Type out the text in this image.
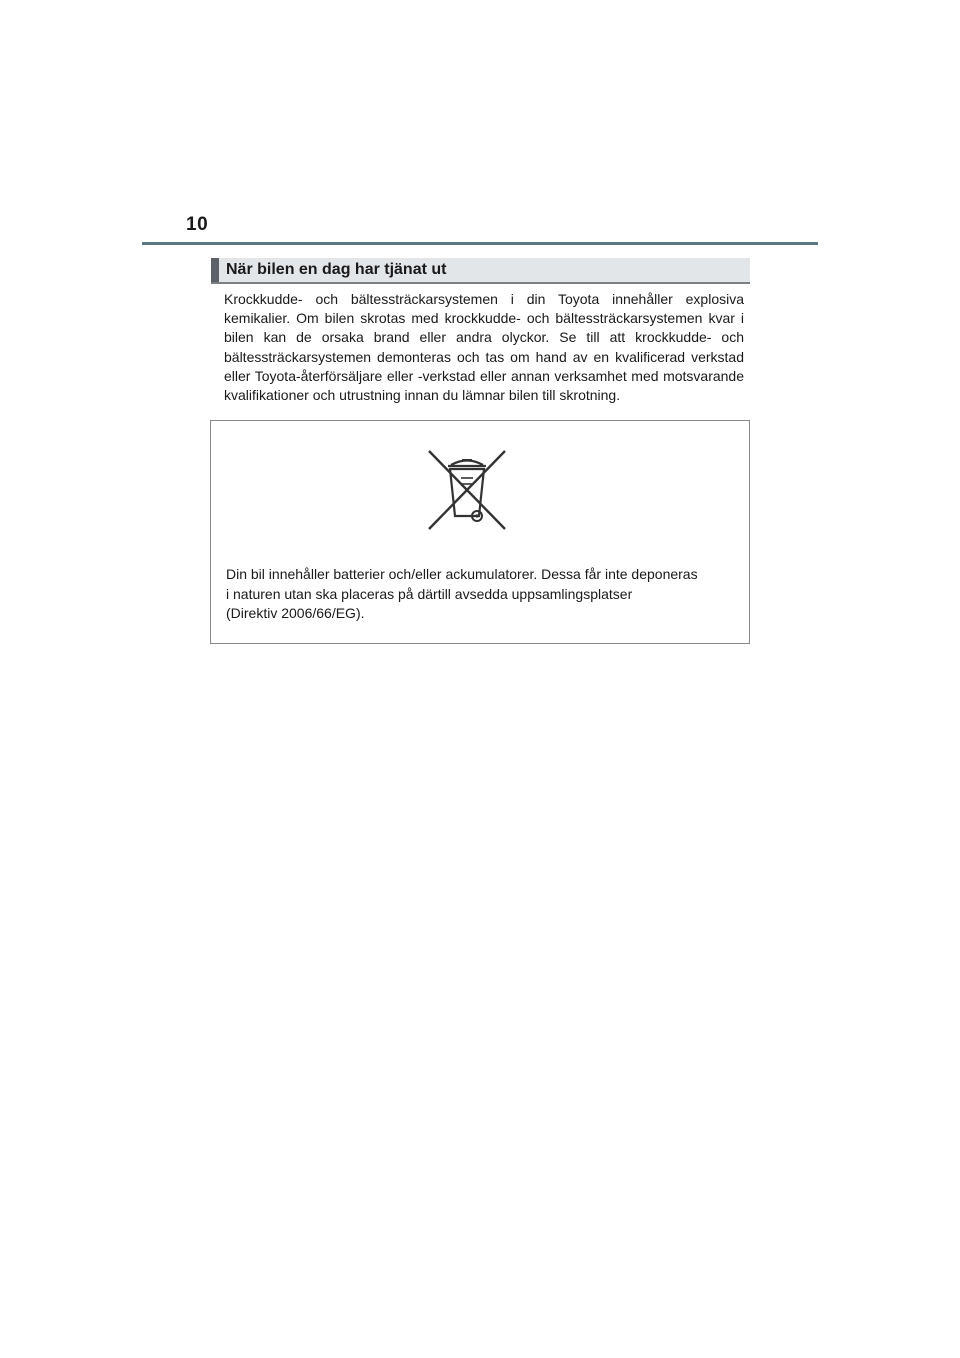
10
När bilen en dag har tjänat ut

Krockkudde- och bältessträckarsystemen i din Toyota innehåller explosiva kemikalier. Om bilen skrotas med krockkudde- och bältessträckarsystemen kvar i bilen kan de orsaka brand eller andra olyckor. Se till att krockkudde- och bältessträckarsystemen demonteras och tas om hand av en kvalificerad verkstad eller Toyota-återförsäljare eller -verkstad eller annan verksamhet med motsvarande kvalifikationer och utrustning innan du lämnar bilen till skrotning.

Din bil innehåller batterier och/eller ackumulatorer. Dessa får inte deponeras
i naturen utan ska placeras på därtill avsedda uppsamlingsplatser
(Direktiv 2006/66/EG).
